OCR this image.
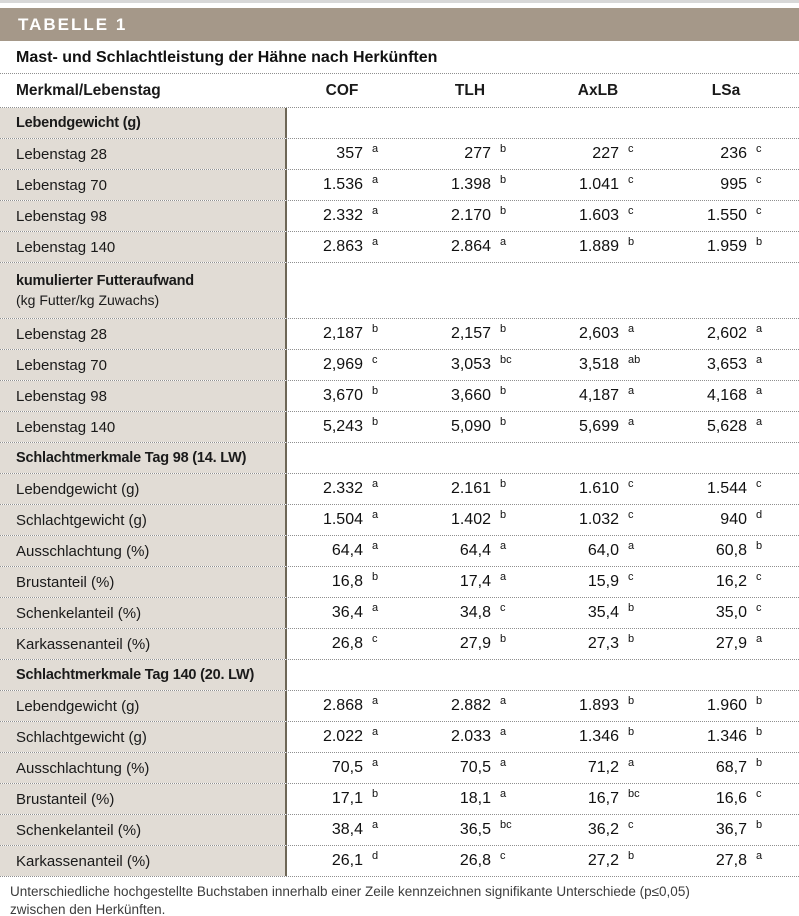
TABELLE 1
Mast- und Schlachtleistung der Hähne nach Herkünften
Merkmal/Lebenstag	COF	TLH	AxLB	LSa
Lebendgewicht (g)
Lebenstag 28	357 a	277 b	227 c	236 c
Lebenstag 70	1.536 a	1.398 b	1.041 c	995 c
Lebenstag 98	2.332 a	2.170 b	1.603 c	1.550 c
Lebenstag 140	2.863 a	2.864 a	1.889 b	1.959 b
kumulierter Futteraufwand
(kg Futter/kg Zuwachs)
Lebenstag 28	2,187 b	2,157 b	2,603 a	2,602 a
Lebenstag 70	2,969 c	3,053 bc	3,518 ab	3,653 a
Lebenstag 98	3,670 b	3,660 b	4,187 a	4,168 a
Lebenstag 140	5,243 b	5,090 b	5,699 a	5,628 a
Schlachtmerkmale Tag 98 (14. LW)
Lebendgewicht (g)	2.332 a	2.161 b	1.610 c	1.544 c
Schlachtgewicht (g)	1.504 a	1.402 b	1.032 c	940 d
Ausschlachtung (%)	64,4 a	64,4 a	64,0 a	60,8 b
Brustanteil (%)	16,8 b	17,4 a	15,9 c	16,2 c
Schenkelanteil (%)	36,4 a	34,8 c	35,4 b	35,0 c
Karkassenanteil (%)	26,8 c	27,9 b	27,3 b	27,9 a
Schlachtmerkmale Tag 140 (20. LW)
Lebendgewicht (g)	2.868 a	2.882 a	1.893 b	1.960 b
Schlachtgewicht (g)	2.022 a	2.033 a	1.346 b	1.346 b
Ausschlachtung (%)	70,5 a	70,5 a	71,2 a	68,7 b
Brustanteil (%)	17,1 b	18,1 a	16,7 bc	16,6 c
Schenkelanteil (%)	38,4 a	36,5 bc	36,2 c	36,7 b
Karkassenanteil (%)	26,1 d	26,8 c	27,2 b	27,8 a
Unterschiedliche hochgestellte Buchstaben innerhalb einer Zeile kennzeichnen signifikante Unterschiede (p≤0,05) zwischen den Herkünften.
